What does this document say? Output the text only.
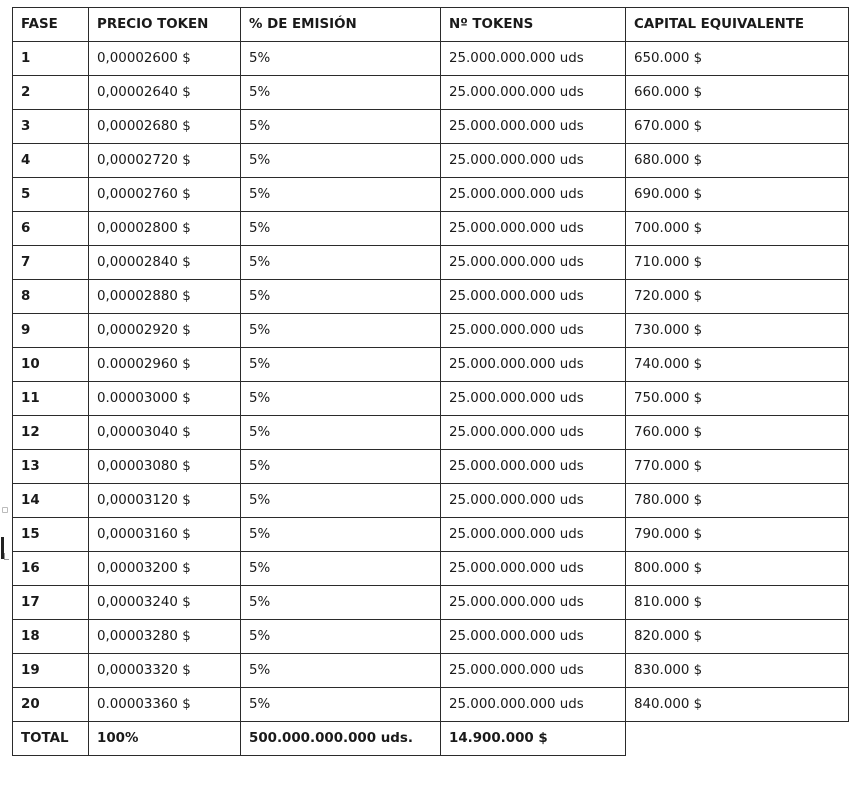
FASE	PRECIO TOKEN	% DE EMISIÓN	Nº TOKENS	CAPITAL EQUIVALENTE
1	0,00002600 $	5%	25.000.000.000 uds	650.000 $
2	0,00002640 $	5%	25.000.000.000 uds	660.000 $
3	0,00002680 $	5%	25.000.000.000 uds	670.000 $
4	0,00002720 $	5%	25.000.000.000 uds	680.000 $
5	0,00002760 $	5%	25.000.000.000 uds	690.000 $
6	0,00002800 $	5%	25.000.000.000 uds	700.000 $
7	0,00002840 $	5%	25.000.000.000 uds	710.000 $
8	0,00002880 $	5%	25.000.000.000 uds	720.000 $
9	0,00002920 $	5%	25.000.000.000 uds	730.000 $
10	0.00002960 $	5%	25.000.000.000 uds	740.000 $
11	0.00003000 $	5%	25.000.000.000 uds	750.000 $
12	0,00003040 $	5%	25.000.000.000 uds	760.000 $
13	0,00003080 $	5%	25.000.000.000 uds	770.000 $
14	0,00003120 $	5%	25.000.000.000 uds	780.000 $
15	0,00003160 $	5%	25.000.000.000 uds	790.000 $
16	0,00003200 $	5%	25.000.000.000 uds	800.000 $
17	0,00003240 $	5%	25.000.000.000 uds	810.000 $
18	0,00003280 $	5%	25.000.000.000 uds	820.000 $
19	0,00003320 $	5%	25.000.000.000 uds	830.000 $
20	0.00003360 $	5%	25.000.000.000 uds	840.000 $
TOTAL	100%	500.000.000.000 uds.	14.900.000 $	
